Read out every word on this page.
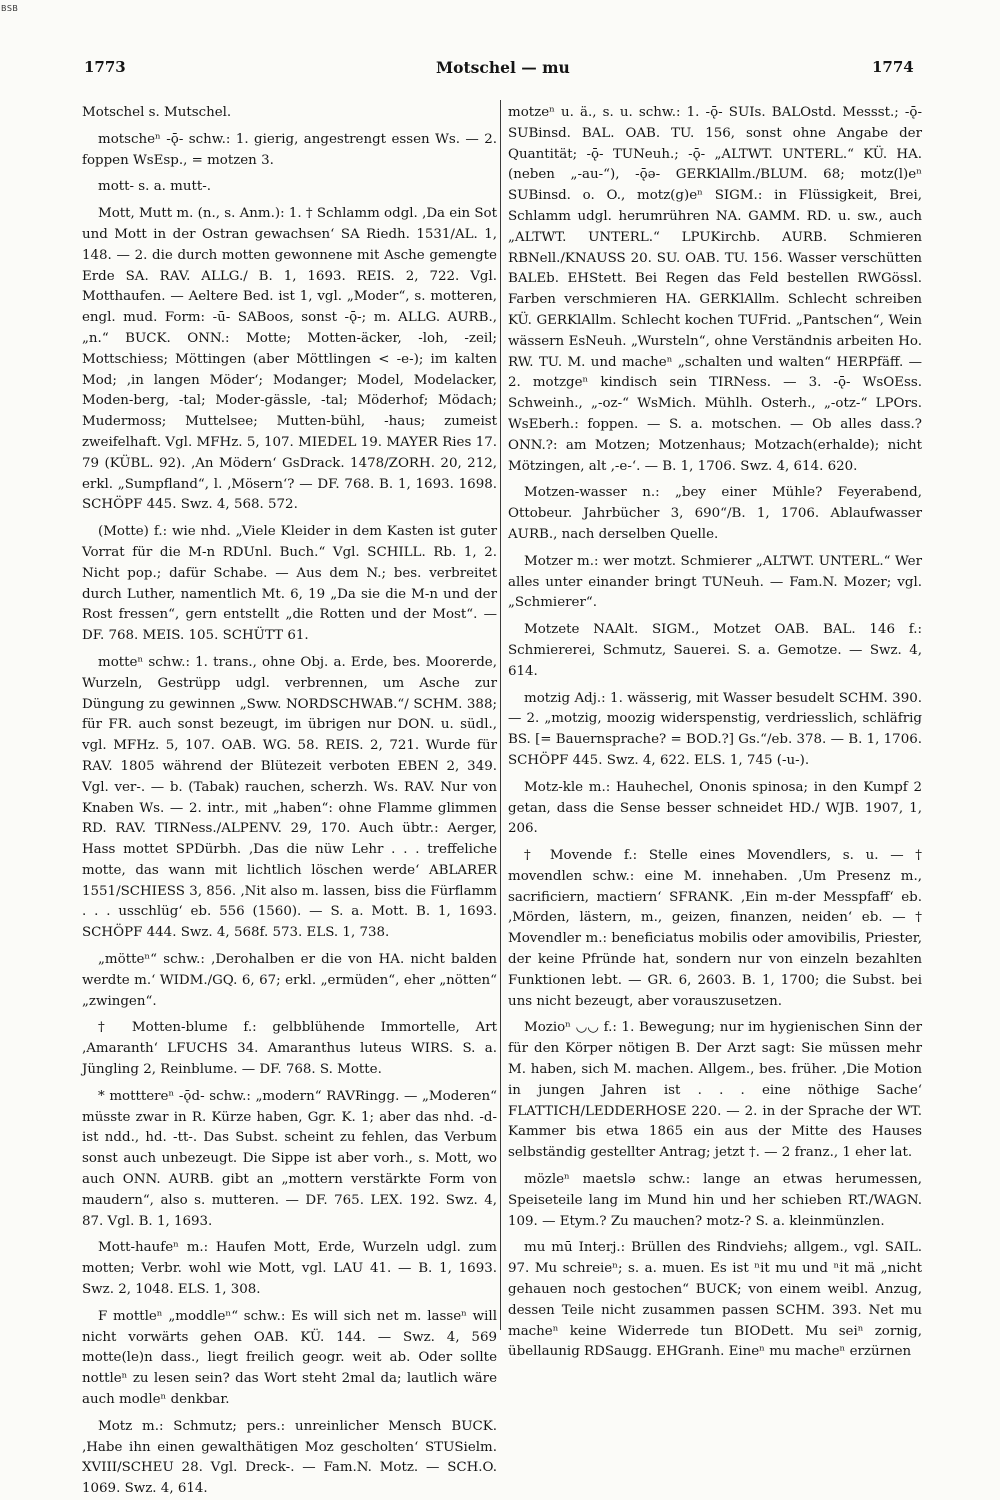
BSB
1773	Motschel — mu	1774

Motschel s. Mutschel.

motscheⁿ -ǭ- schw.: 1. gierig, angestrengt essen Ws. — 2. foppen WsEsp., = motzen 3.

mott- s. a. mutt-.

Mott, Mutt m. (n., s. Anm.): 1. † Schlamm odgl. ‚Da ein Sot und Mott in der Ostran gewachsen‘ SA Riedh. 1531/AL. 1, 148. — 2. die durch motten gewonnene mit Asche gemengte Erde SA. RAV. ALLG./ B. 1, 1693. REIS. 2, 722. Vgl. Motthaufen. — Aeltere Bed. ist 1, vgl. „Moder“, s. motteren, engl. mud. Form: -ū- SABoos, sonst -ǭ-; m. ALLG. AURB., „n.“ BUCK. ONN.: Motte; Motten-äcker, -loh, -zeil; Mottschiess; Möttingen (aber Möttlingen < -e-); im kalten Mod; ‚in langen Möder‘; Modanger; Model, Modelacker, Moden-berg, -tal; Moder-gässle, -tal; Möderhof; Mödach; Mudermoss; Muttelsee; Mutten-bühl, -haus; zumeist zweifelhaft. Vgl. MFHz. 5, 107. MIEDEL 19. MAYER Ries 17. 79 (KÜBL. 92). ‚An Mödern‘ GsDrack. 1478/ZORH. 20, 212, erkl. „Sumpfland“, l. ‚Mösern‘? — DF. 768. B. 1, 1693. 1698. SCHÖPF 445. Swz. 4, 568. 572.

(Motte) f.: wie nhd. „Viele Kleider in dem Kasten ist guter Vorrat für die M-n RDUnl. Buch.“ Vgl. SCHILL. Rb. 1, 2. Nicht pop.; dafür Schabe. — Aus dem N.; bes. verbreitet durch Luther, namentlich Mt. 6, 19 „Da sie die M-n und der Rost fressen“, gern entstellt „die Rotten und der Most“. — DF. 768. MEIS. 105. SCHÜTT 61.

motteⁿ schw.: 1. trans., ohne Obj. a. Erde, bes. Moorerde, Wurzeln, Gestrüpp udgl. verbrennen, um Asche zur Düngung zu gewinnen „Sww. NORDSCHWAB.“/ SCHM. 388; für FR. auch sonst bezeugt, im übrigen nur DON. u. südl., vgl. MFHz. 5, 107. OAB. WG. 58. REIS. 2, 721. Wurde für RAV. 1805 während der Blütezeit verboten EBEN 2, 349. Vgl. ver-. — b. (Tabak) rauchen, scherzh. Ws. RAV. Nur von Knaben Ws. — 2. intr., mit „haben“: ohne Flamme glimmen RD. RAV. TIRNess./ALPENV. 29, 170. Auch übtr.: Aerger, Hass mottet SPDürbh. ‚Das die nüw Lehr . . . treffeliche motte, das wann mit lichtlich löschen werde‘ ABLARER 1551/SCHIESS 3, 856. ‚Nit also m. lassen, biss die Fürflamm . . . usschlüg‘ eb. 556 (1560). — S. a. Mott. B. 1, 1693. SCHÖPF 444. Swz. 4, 568f. 573. ELS. 1, 738.

„mötteⁿ“ schw.: ‚Derohalben er die von HA. nicht balden werdte m.‘ WIDM./GQ. 6, 67; erkl. „ermüden“, eher „nötten“ „zwingen“.

† Motten-blume f.: gelbblühende Immortelle, Art ‚Amaranth‘ LFUCHS 34. Amaranthus luteus WIRS. S. a. Jüngling 2, Reinblume. — DF. 768. S. Motte.

* motttereⁿ -ǭd- schw.: „modern“ RAVRingg. — „Moderen“ müsste zwar in R. Kürze haben, Ggr. K. 1; aber das nhd. -d- ist ndd., hd. -tt-. Das Subst. scheint zu fehlen, das Verbum sonst auch unbezeugt. Die Sippe ist aber vorh., s. Mott, wo auch ONN. AURB. gibt an „mottern verstärkte Form von maudern“, also s. mutteren. — DF. 765. LEX. 192. Swz. 4, 87. Vgl. B. 1, 1693.

Mott-haufeⁿ m.: Haufen Mott, Erde, Wurzeln udgl. zum motten; Verbr. wohl wie Mott, vgl. LAU 41. — B. 1, 1693. Swz. 2, 1048. ELS. 1, 308.

F mottleⁿ „moddleⁿ“ schw.: Es will sich net m. lasseⁿ will nicht vorwärts gehen OAB. KÜ. 144. — Swz. 4, 569 motte(le)n dass., liegt freilich geogr. weit ab. Oder sollte nottleⁿ zu lesen sein? das Wort steht 2mal da; lautlich wäre auch modleⁿ denkbar.

Motz m.: Schmutz; pers.: unreinlicher Mensch BUCK. ‚Habe ihn einen gewalthätigen Moz gescholten‘ STUSielm. XVIII/SCHEU 28. Vgl. Dreck-. — Fam.N. Motz. — SCH.O. 1069. Swz. 4, 614.

motzeⁿ u. ä., s. u. schw.: 1. -ǭ- SUIs. BALOstd. Messst.; -ǭ- SUBinsd. BAL. OAB. TU. 156, sonst ohne Angabe der Quantität; -ǭ- TUNeuh.; -ǭ- „ALTWT. UNTERL.“ KÜ. HA. (neben „-au-“), -ǭə- GERKlAllm./BLUM. 68; motz(l)eⁿ SUBinsd. o. O., motz(g)eⁿ SIGM.: in Flüssigkeit, Brei, Schlamm udgl. herumrühren NA. GAMM. RD. u. sw., auch „ALTWT. UNTERL.“ LPUKirchb. AURB. Schmieren RBNell./KNAUSS 20. SU. OAB. TU. 156. Wasser verschütten BALEb. EHStett. Bei Regen das Feld bestellen RWGössl. Farben verschmieren HA. GERKlAllm. Schlecht schreiben KÜ. GERKlAllm. Schlecht kochen TUFrid. „Pantschen“, Wein wässern EsNeuh. „Wursteln“, ohne Verständnis arbeiten Ho. RW. TU. M. und macheⁿ „schalten und walten“ HERPfäff. — 2. motzgeⁿ kindisch sein TIRNess. — 3. -ǭ- WsOEss. Schweinh., „-oz-“ WsMich. Mühlh. Osterh., „-otz-“ LPOrs. WsEberh.: foppen. — S. a. motschen. — Ob alles dass.? ONN.?: am Motzen; Motzenhaus; Motzach(erhalde); nicht Mötzingen, alt ‚-e-‘. — B. 1, 1706. Swz. 4, 614. 620.

Motzen-wasser n.: „bey einer Mühle? Feyerabend, Ottobeur. Jahrbücher 3, 690“/B. 1, 1706. Ablaufwasser AURB., nach derselben Quelle.

Motzer m.: wer motzt. Schmierer „ALTWT. UNTERL.“ Wer alles unter einander bringt TUNeuh. — Fam.N. Mozer; vgl. „Schmierer“.

Motzete NAAlt. SIGM., Motzet OAB. BAL. 146 f.: Schmiererei, Schmutz, Sauerei. S. a. Gemotze. — Swz. 4, 614.

motzig Adj.: 1. wässerig, mit Wasser besudelt SCHM. 390. — 2. „motzig, moozig widerspenstig, verdriesslich, schläfrig BS. [= Bauernsprache? = BOD.?] Gs.“/eb. 378. — B. 1, 1706. SCHÖPF 445. Swz. 4, 622. ELS. 1, 745 (-u-).

Motz-kle m.: Hauhechel, Ononis spinosa; in den Kumpf 2 getan, dass die Sense besser schneidet HD./ WJB. 1907, 1, 206.

† Movende f.: Stelle eines Movendlers, s. u. — † movendlen schw.: eine M. innehaben. ‚Um Presenz m., sacrificiern, mactiern‘ SFRANK. ‚Ein m-der Messpfaff‘ eb. ‚Mörden, lästern, m., geizen, finanzen, neiden‘ eb. — † Movendler m.: beneficiatus mobilis oder amovibilis, Priester, der keine Pfründe hat, sondern nur von einzeln bezahlten Funktionen lebt. — GR. 6, 2603. B. 1, 1700; die Subst. bei uns nicht bezeugt, aber vorauszusetzen.

Mozioⁿ ◡◡ f.: 1. Bewegung; nur im hygienischen Sinn der für den Körper nötigen B. Der Arzt sagt: Sie müssen mehr M. haben, sich M. machen. Allgem., bes. früher. ‚Die Motion in jungen Jahren ist . . . eine nöthige Sache‘ FLATTICH/LEDDERHOSE 220. — 2. in der Sprache der WT. Kammer bis etwa 1865 ein aus der Mitte des Hauses selbständig gestellter Antrag; jetzt †. — 2 franz., 1 eher lat.

mözleⁿ maetslə schw.: lange an etwas herumessen, Speiseteile lang im Mund hin und her schieben RT./WAGN. 109. — Etym.? Zu mauchen? motz-? S. a. kleinmünzlen.

mu mū Interj.: Brüllen des Rindviehs; allgem., vgl. SAIL. 97. Mu schreieⁿ; s. a. muen. Es ist ⁿit mu und ⁿit mä „nicht gehauen noch gestochen“ BUCK; von einem weibl. Anzug, dessen Teile nicht zusammen passen SCHM. 393. Net mu macheⁿ keine Widerrede tun BIODett. Mu seiⁿ zornig, übellaunig RDSaugg. EHGranh. Eineⁿ mu macheⁿ erzürnen
